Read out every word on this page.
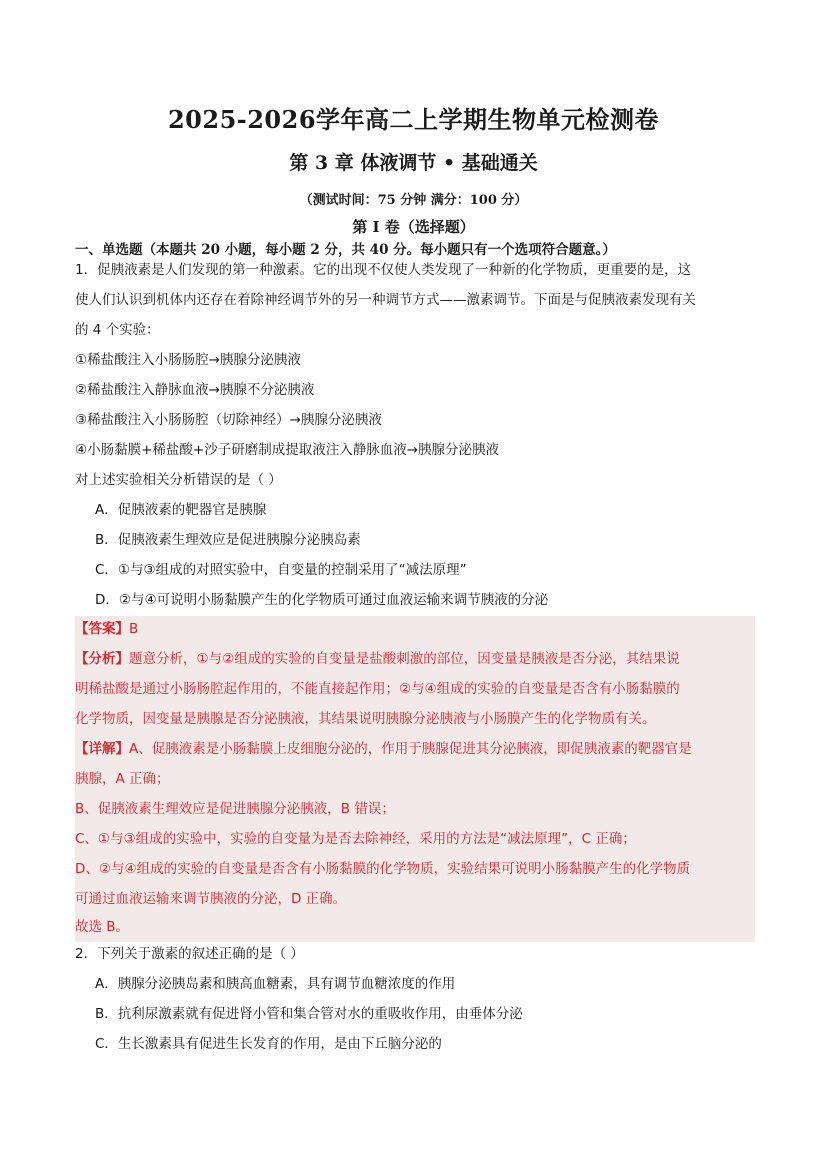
2025-2026学年高二上学期生物单元检测卷
第 3 章 体液调节 • 基础通关
（测试时间：75 分钟 满分：100 分）
第 I 卷（选择题）
一、单选题（本题共 20 小题，每小题 2 分，共 40 分。每小题只有一个选项符合题意。）
1．促胰液素是人们发现的第一种激素。它的出现不仅使人类发现了一种新的化学物质，更重要的是，这
使人们认识到机体内还存在着除神经调节外的另一种调节方式——激素调节。下面是与促胰液素发现有关
的 4 个实验：
①稀盐酸注入小肠肠腔→胰腺分泌胰液
②稀盐酸注入静脉血液→胰腺不分泌胰液
③稀盐酸注入小肠肠腔（切除神经）→胰腺分泌胰液
④小肠黏膜+稀盐酸+沙子研磨制成提取液注入静脉血液→胰腺分泌胰液
对上述实验相关分析错误的是（ ）
A．促胰液素的靶器官是胰腺
B．促胰液素生理效应是促进胰腺分泌胰岛素
C．①与③组成的对照实验中，自变量的控制采用了“减法原理”
D．②与④可说明小肠黏膜产生的化学物质可通过血液运输来调节胰液的分泌
【答案】B
【分析】题意分析，①与②组成的实验的自变量是盐酸刺激的部位，因变量是胰液是否分泌，其结果说
明稀盐酸是通过小肠肠腔起作用的，不能直接起作用；②与④组成的实验的自变量是否含有小肠黏膜的
化学物质，因变量是胰腺是否分泌胰液，其结果说明胰腺分泌胰液与小肠膜产生的化学物质有关。
【详解】A、促胰液素是小肠黏膜上皮细胞分泌的，作用于胰腺促进其分泌胰液，即促胰液素的靶器官是
胰腺，A 正确；
B、促胰液素生理效应是促进胰腺分泌胰液，B 错误；
C、①与③组成的实验中，实验的自变量为是否去除神经，采用的方法是“减法原理”，C 正确；
D、②与④组成的实验的自变量是否含有小肠黏膜的化学物质，实验结果可说明小肠黏膜产生的化学物质
可通过血液运输来调节胰液的分泌，D 正确。
故选 B。
2．下列关于激素的叙述正确的是（ ）
A．胰腺分泌胰岛素和胰高血糖素，具有调节血糖浓度的作用
B．抗利尿激素就有促进肾小管和集合管对水的重吸收作用，由垂体分泌
C．生长激素具有促进生长发育的作用，是由下丘脑分泌的
